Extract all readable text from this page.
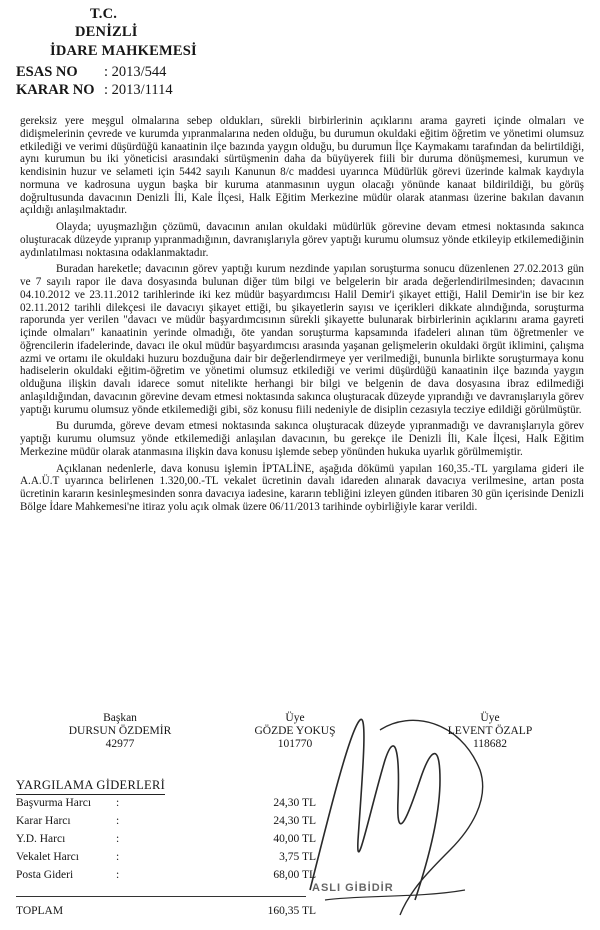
T.C.
DENİZLİ
İDARE MAHKEMESİ
ESAS NO : 2013/544
KARAR NO : 2013/1114

gereksiz yere meşgul olmalarına sebep oldukları, sürekli birbirlerinin açıklarını arama gayreti içinde olmaları ve didişmelerinin çevrede ve kurumda yıpranmalarına neden olduğu, bu durumun okuldaki eğitim öğretim ve yönetimi olumsuz etkilediği ve verimi düşürdüğü kanaatinin ilçe bazında yaygın olduğu, bu durumun İlçe Kaymakamı tarafından da belirtildiği, aynı kurumun bu iki yöneticisi arasındaki sürtüşmenin daha da büyüyerek fiili bir duruma dönüşmemesi, kurumun ve kendisinin huzur ve selameti için 5442 sayılı Kanunun 8/c maddesi uyarınca Müdürlük görevi üzerinde kalmak kaydıyla normuna ve kadrosuna uygun başka bir kuruma atanmasının uygun olacağı yönünde kanaat bildirildiği, bu görüş doğrultusunda davacının Denizli İli, Kale İlçesi, Halk Eğitim Merkezine müdür olarak atanması üzerine bakılan davanın açıldığı anlaşılmaktadır.

Olayda; uyuşmazlığın çözümü, davacının anılan okuldaki müdürlük görevine devam etmesi noktasında sakınca oluşturacak düzeyde yıpranıp yıpranmadığının, davranışlarıyla görev yaptığı kurumu olumsuz yönde etkileyip etkilemediğinin aydınlatılması noktasına odaklanmaktadır.

Buradan hareketle; davacının görev yaptığı kurum nezdinde yapılan soruşturma sonucu düzenlenen 27.02.2013 gün ve 7 sayılı rapor ile dava dosyasında bulunan diğer tüm bilgi ve belgelerin bir arada değerlendirilmesinden; davacının 04.10.2012 ve 23.11.2012 tarihlerinde iki kez müdür başyardımcısı Halil Demir'i şikayet ettiği, Halil Demir'in ise bir kez 02.11.2012 tarihli dilekçesi ile davacıyı şikayet ettiği, bu şikayetlerin sayısı ve içerikleri dikkate alındığında, soruşturma raporunda yer verilen "davacı ve müdür başyardımcısının sürekli şikayette bulunarak birbirlerinin açıklarını arama gayreti içinde olmaları" kanaatinin yerinde olmadığı, öte yandan soruşturma kapsamında ifadeleri alınan tüm öğretmenler ve öğrencilerin ifadelerinde, davacı ile okul müdür başyardımcısı arasında yaşanan gelişmelerin okuldaki örgüt iklimini, çalışma azmi ve ortamı ile okuldaki huzuru bozduğuna dair bir değerlendirmeye yer verilmediği, bununla birlikte soruşturmaya konu hadiselerin okuldaki eğitim-öğretim ve yönetimi olumsuz etkilediği ve verimi düşürdüğü kanaatinin ilçe bazında yaygın olduğuna ilişkin davalı idarece somut nitelikte herhangi bir bilgi ve belgenin de dava dosyasına ibraz edilmediği anlaşıldığından, davacının görevine devam etmesi noktasında sakınca oluşturacak düzeyde yıprandığı ve davranışlarıyla görev yaptığı kurumu olumsuz yönde etkilemediği gibi, söz konusu fiili nedeniyle de disiplin cezasıyla tecziye edildiği görülmüştür.

Bu durumda, göreve devam etmesi noktasında sakınca oluşturacak düzeyde yıpranmadığı ve davranışlarıyla görev yaptığı kurumu olumsuz yönde etkilemediği anlaşılan davacının, bu gerekçe ile Denizli İli, Kale İlçesi, Halk Eğitim Merkezine müdür olarak atanmasına ilişkin dava konusu işlemde sebep yönünden hukuka uyarlık görülmemiştir.

Açıklanan nedenlerle, dava konusu işlemin İPTALİNE, aşağıda dökümü yapılan 160,35.-TL yargılama gideri ile A.A.Ü.T uyarınca belirlenen 1.320,00.-TL vekalet ücretinin davalı idareden alınarak davacıya verilmesine, artan posta ücretinin kararın kesinleşmesinden sonra davacıya iadesine, kararın tebliğini izleyen günden itibaren 30 gün içerisinde Denizli Bölge İdare Mahkemesi'ne itiraz yolu açık olmak üzere 06/11/2013 tarihinde oybirliğiyle karar verildi.

Başkan
DURSUN ÖZDEMİR
42977
Üye
GÖZDE YOKUŞ
101770
Üye
LEVENT ÖZALP
118682
YARGILAMA GİDERLERİ
Başvurma Harcı :	24,30 TL
Karar Harcı	:	24,30 TL
Y.D. Harcı	:	40,00 TL
Vekalet Harcı	:	3,75 TL
Posta Gideri	:	68,00 TL
TOPLAM	160,35 TL
ASLI GİBİDİR
